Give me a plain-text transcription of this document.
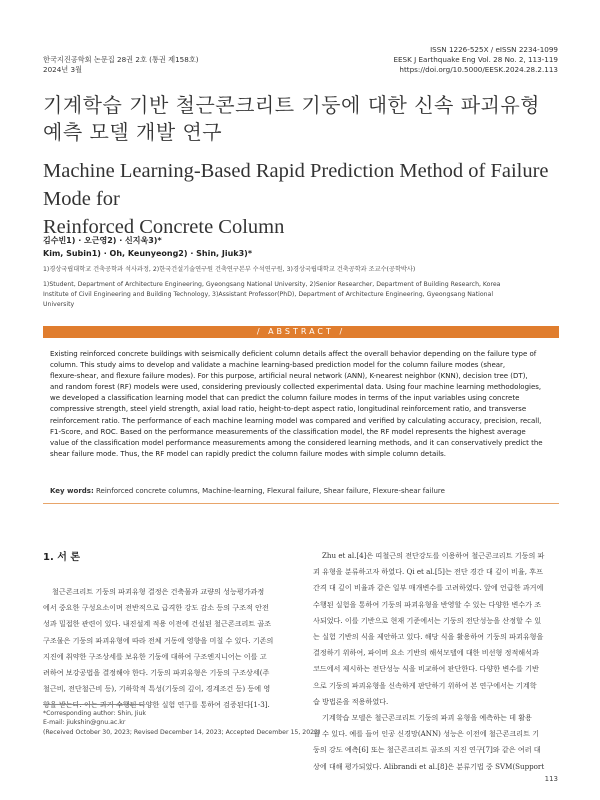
한국지진공학회 논문집 28권 2호 (통권 제158호)
2024년 3월
ISSN 1226-525X / eISSN 2234-1099
EESK J Earthquake Eng Vol. 28 No. 2, 113-119
https://doi.org/10.5000/EESK.2024.28.2.113
기계학습 기반 철근콘크리트 기둥에 대한 신속 파괴유형
예측 모델 개발 연구
Machine Learning-Based Rapid Prediction Method of Failure Mode for
Reinforced Concrete Column
김수빈1) · 오근영2) · 신지욱3)*
Kim, Subin1) · Oh, Keunyeong2) · Shin, Jiuk3)*
1)경상국립대학교 건축공학과 석사과정, 2)한국건설기술연구원 건축연구본부 수석연구원, 3)경상국립대학교 건축공학과 조교수(공학박사)
1)Student, Department of Architecture Engineering, Gyeongsang National University, 2)Senior Researcher, Department of Building Research, Korea
Institute of Civil Engineering and Building Technology, 3)Assistant Professor(PhD), Department of Architecture Engineering, Gyeongsang National
University
/ ABSTRACT /
Existing reinforced concrete buildings with seismically deficient column details affect the overall behavior depending on the failure type of
column. This study aims to develop and validate a machine learning-based prediction model for the column failure modes (shear,
flexure-shear, and flexure failure modes). For this purpose, artificial neural network (ANN), K-nearest neighbor (KNN), decision tree (DT),
and random forest (RF) models were used, considering previously collected experimental data. Using four machine learning methodologies,
we developed a classification learning model that can predict the column failure modes in terms of the input variables using concrete
compressive strength, steel yield strength, axial load ratio, height-to-dept aspect ratio, longitudinal reinforcement ratio, and transverse
reinforcement ratio. The performance of each machine learning model was compared and verified by calculating accuracy, precision, recall,
F1-Score, and ROC. Based on the performance measurements of the classification model, the RF model represents the highest average
value of the classification model performance measurements among the considered learning methods, and it can conservatively predict the
shear failure mode. Thus, the RF model can rapidly predict the column failure modes with simple column details.
Key words: Reinforced concrete columns, Machine-learning, Flexural failure, Shear failure, Flexure-shear failure
1. 서 론
철근콘크리트 기둥의 파괴유형 결정은 건축물과 교량의 성능평가과정
에서 중요한 구성요소이며 전반적으로 급격한 강도 감소 등의 구조적 안전
성과 밀접한 관련이 있다. 내진설계 적용 이전에 건설된 철근콘크리트 골조
구조물은 기둥의 파괴유형에 따라 전체 거동에 영향을 미칠 수 있다. 기존의
지진에 취약한 구조상세를 보유한 기둥에 대하여 구조엔지니어는 이를 고
려하여 보강공법을 결정해야 한다. 기둥의 파괴유형은 기둥의 구조상세(주
철근비, 전단철근비 등), 기하학적 특성(기둥의 깊이, 경계조건 등) 등에 영
향을 받는다. 이는 과거 수행된 다양한 실험 연구를 통하여 검증된다[1-3].
Zhu et al.[4]은 띠철근의 전단강도를 이용하여 철근콘크리트 기둥의 파
괴 유형을 분류하고자 하였다. Qi et al.[5]는 전단 경간 대 깊이 비율, 후프
간격 대 깊이 비율과 같은 일부 매개변수를 고려하였다. 앞에 언급한 과거에
수행된 실험을 통하여 기둥의 파괴유형을 반영할 수 있는 다양한 변수가 조
사되었다. 이를 기반으로 현재 기준에서는 기둥의 전단성능을 산정할 수 있
는 실험 기반의 식을 제안하고 있다. 해당 식을 활용하여 기둥의 파괴유형을
결정하기 위하여, 파이버 요소 기반의 해석모델에 대한 비선형 정적해석과
코드에서 제시하는 전단성능 식을 비교하여 판단한다. 다양한 변수를 기반
으로 기둥의 파괴유형을 신속하게 판단하기 위하여 본 연구에서는 기계학
습 방법론을 적용하였다.
기계학습 모델은 철근콘크리트 기둥의 파괴 유형을 예측하는 데 활용
될 수 있다. 예를 들어 인공 신경망(ANN) 성능은 이전에 철근콘크리트 기
둥의 강도 예측[6] 또는 철근콘크리트 골조의 지진 연구[7]와 같은 여러 대
상에 대해 평가되었다. Alibrandi et al.[8]은 분류기법 중 SVM(Support
*Corresponding author: Shin, Jiuk
E-mail: jiukshin@gnu.ac.kr
(Received October 30, 2023; Revised December 14, 2023; Accepted December 15, 2023)
113
